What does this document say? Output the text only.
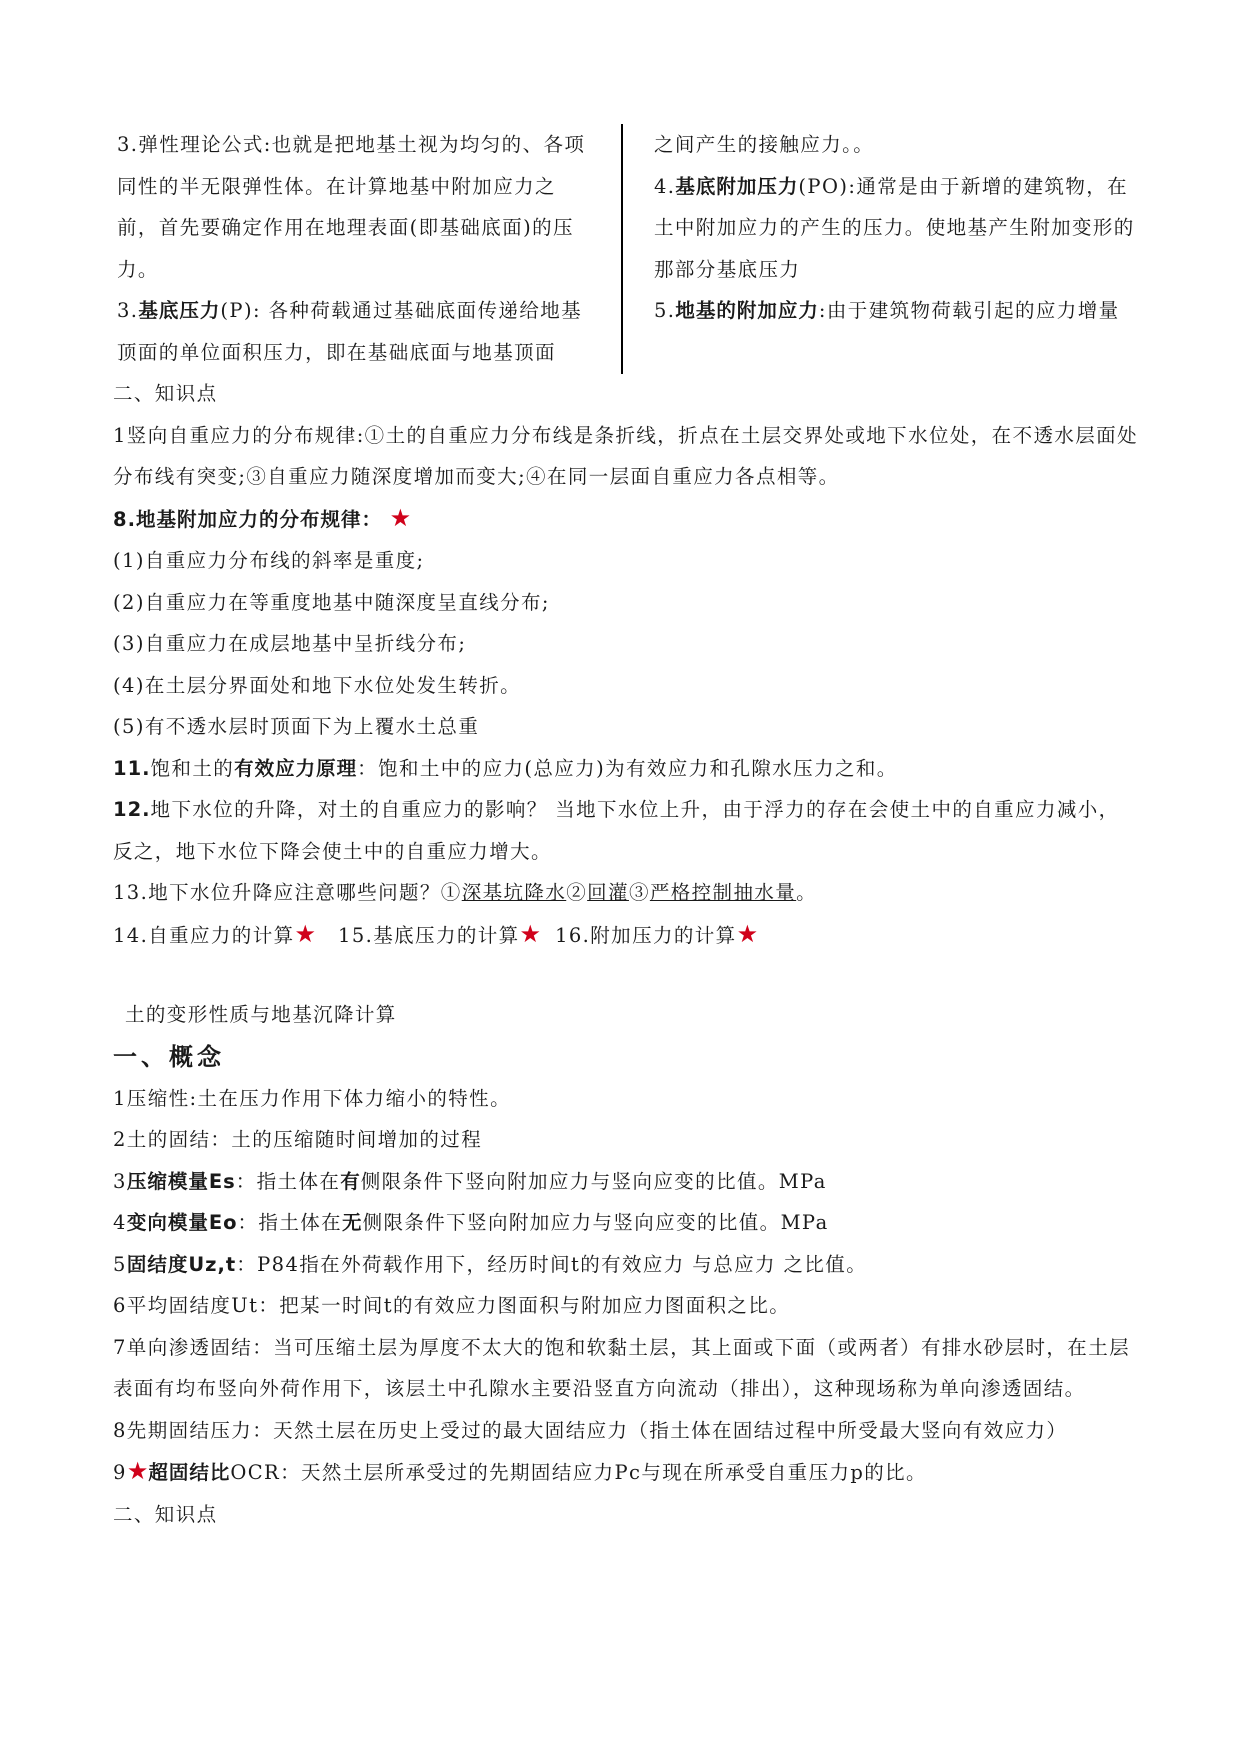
3.弹性理论公式:也就是把地基土视为均匀的、各项同性的半无限弹性体。在计算地基中附加应力之前，首先要确定作用在地理表面(即基础底面)的压力。

3.基底压力(P): 各种荷载通过基础底面传递给地基顶面的单位面积压力，即在基础底面与地基顶面

之间产生的接触应力。。

4.基底附加压力(PO):通常是由于新增的建筑物，在土中附加应力的产生的压力。使地基产生附加变形的那部分基底压力

5.地基的附加应力:由于建筑物荷载引起的应力增量

二、知识点

1竖向自重应力的分布规律:①土的自重应力分布线是条折线，折点在土层交界处或地下水位处，在不透水层面处分布线有突变;③自重应力随深度增加而变大;④在同一层面自重应力各点相等。

8.地基附加应力的分布规律： ★

(1)自重应力分布线的斜率是重度;

(2)自重应力在等重度地基中随深度呈直线分布;

(3)自重应力在成层地基中呈折线分布;

(4)在土层分界面处和地下水位处发生转折。

(5)有不透水层时顶面下为上覆水土总重

11.饱和土的有效应力原理：饱和土中的应力(总应力)为有效应力和孔隙水压力之和。

12.地下水位的升降，对土的自重应力的影响？ 当地下水位上升，由于浮力的存在会使土中的自重应力减小，反之，地下水位下降会使土中的自重应力增大。

13.地下水位升降应注意哪些问题？①深基坑降水②回灌③严格控制抽水量。

14.自重应力的计算★ 15.基底压力的计算★ 16.附加压力的计算★

土的变形性质与地基沉降计算

一、概念

1压缩性:土在压力作用下体力缩小的特性。

2土的固结：土的压缩随时间增加的过程

3压缩模量Es：指土体在有侧限条件下竖向附加应力与竖向应变的比值。MPa

4变向模量Eo：指土体在无侧限条件下竖向附加应力与竖向应变的比值。MPa

5固结度Uz,t：P84指在外荷载作用下，经历时间t的有效应力 与总应力 之比值。

6平均固结度Ut：把某一时间t的有效应力图面积与附加应力图面积之比。

7单向渗透固结：当可压缩土层为厚度不太大的饱和软黏土层，其上面或下面（或两者）有排水砂层时，在土层表面有均布竖向外荷作用下，该层土中孔隙水主要沿竖直方向流动（排出），这种现场称为单向渗透固结。

8先期固结压力：天然土层在历史上受过的最大固结应力（指土体在固结过程中所受最大竖向有效应力）

9★超固结比OCR：天然土层所承受过的先期固结应力Pc与现在所承受自重压力p的比。

二、知识点
